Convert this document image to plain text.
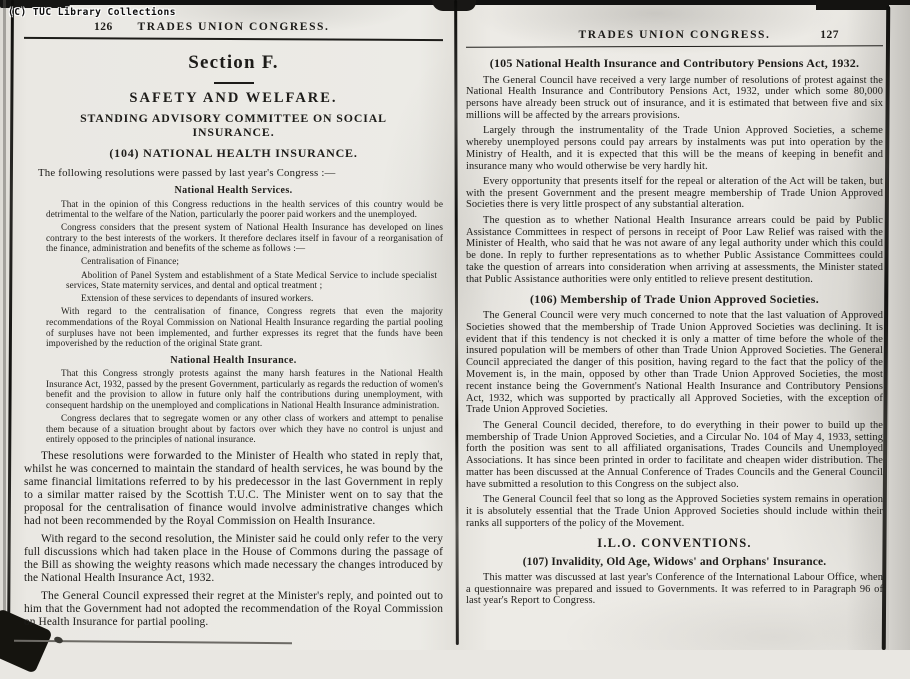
(C) TUC Library Collections
126	TRADES UNION CONGRESS.
Section F.
SAFETY AND WELFARE.
STANDING ADVISORY COMMITTEE ON SOCIAL INSURANCE.
(104) NATIONAL HEALTH INSURANCE.

The following resolutions were passed by last year's Congress :—

National Health Services.

That in the opinion of this Congress reductions in the health services of this country would be detrimental to the welfare of the Nation, particularly the poorer paid workers and the unemployed.

Congress considers that the present system of National Health Insurance has developed on lines contrary to the best interests of the workers. It therefore declares itself in favour of a reorganisation of the finance, administration and benefits of the scheme as follows :—

Centralisation of Finance;

Abolition of Panel System and establishment of a State Medical Service to include specialist services, State maternity services, and dental and optical treatment ;

Extension of these services to dependants of insured workers.

With regard to the centralisation of finance, Congress regrets that even the majority recommendations of the Royal Commission on National Health Insurance regarding the partial pooling of surpluses have not been implemented, and further expresses its regret that the funds have been impoverished by the reduction of the original State grant.

National Health Insurance.

That this Congress strongly protests against the many harsh features in the National Health Insurance Act, 1932, passed by the present Government, particularly as regards the reduction of women's benefit and the provision to allow in future only half the contributions during unemployment, with consequent hardship on the unemployed and complications in National Health Insurance administration.

Congress declares that to segregate women or any other class of workers and attempt to penalise them because of a situation brought about by factors over which they have no control is unjust and entirely opposed to the principles of national insurance.

These resolutions were forwarded to the Minister of Health who stated in reply that, whilst he was concerned to maintain the standard of health services, he was bound by the same financial limitations referred to by his predecessor in the last Government in reply to a similar matter raised by the Scottish T.U.C. The Minister went on to say that the proposal for the centralisation of finance would involve administrative changes which had not been recommended by the Royal Commission on Health Insurance.

With regard to the second resolution, the Minister said he could only refer to the very full discussions which had taken place in the House of Commons during the passage of the Bill as showing the weighty reasons which made necessary the changes introduced by the National Health Insurance Act, 1932.

The General Council expressed their regret at the Minister's reply, and pointed out to him that the Government had not adopted the recommendation of the Royal Commission on Health Insurance for partial pooling.

TRADES UNION CONGRESS.	127
(105 National Health Insurance and Contributory Pensions Act, 1932.

The General Council have received a very large number of resolutions of protest against the National Health Insurance and Contributory Pensions Act, 1932, under which some 80,000 persons have already been struck out of insurance, and it is estimated that between five and six millions will be affected by the arrears provisions.

Largely through the instrumentality of the Trade Union Approved Societies, a scheme whereby unemployed persons could pay arrears by instalments was put into operation by the Ministry of Health, and it is expected that this will be the means of keeping in benefit and insurance many who would otherwise be very hardly hit.

Every opportunity that presents itself for the repeal or alteration of the Act will be taken, but with the present Government and the present meagre membership of Trade Union Approved Societies there is very little prospect of any substantial alteration.

The question as to whether National Health Insurance arrears could be paid by Public Assistance Committees in respect of persons in receipt of Poor Law Relief was raised with the Minister of Health, who said that he was not aware of any legal authority under which this could be done. In reply to further representations as to whether Public Assistance Committees could take the question of arrears into consideration when arriving at assessments, the Minister stated that Public Assistance authorities were only entitled to relieve present destitution.

(106) Membership of Trade Union Approved Societies.

The General Council were very much concerned to note that the last valuation of Approved Societies showed that the membership of Trade Union Approved Societies was declining. It is evident that if this tendency is not checked it is only a matter of time before the whole of the insured population will be members of other than Trade Union Approved Societies. The General Council appreciated the danger of this position, having regard to the fact that the policy of the Movement is, in the main, opposed by other than Trade Union Approved Societies, the most recent instance being the Government's National Health Insurance and Contributory Pensions Act, 1932, which was supported by practically all Approved Societies, with the exception of Trade Union Approved Societies.

The General Council decided, therefore, to do everything in their power to build up the membership of Trade Union Approved Societies, and a Circular No. 104 of May 4, 1933, setting forth the position was sent to all affiliated organisations, Trades Councils and Unemployed Associations. It has since been printed in order to facilitate and cheapen wider distribution. The matter has been discussed at the Annual Conference of Trades Councils and the General Council have submitted a resolution to this Congress on the subject also.

The General Council feel that so long as the Approved Societies system remains in operation it is absolutely essential that the Trade Union Approved Societies should include within their ranks all supporters of the policy of the Movement.

I.L.O. CONVENTIONS.
(107) Invalidity, Old Age, Widows' and Orphans' Insurance.

This matter was discussed at last year's Conference of the International Labour Office, when a questionnaire was prepared and issued to Governments. It was referred to in Paragraph 96 of last year's Report to Congress.
